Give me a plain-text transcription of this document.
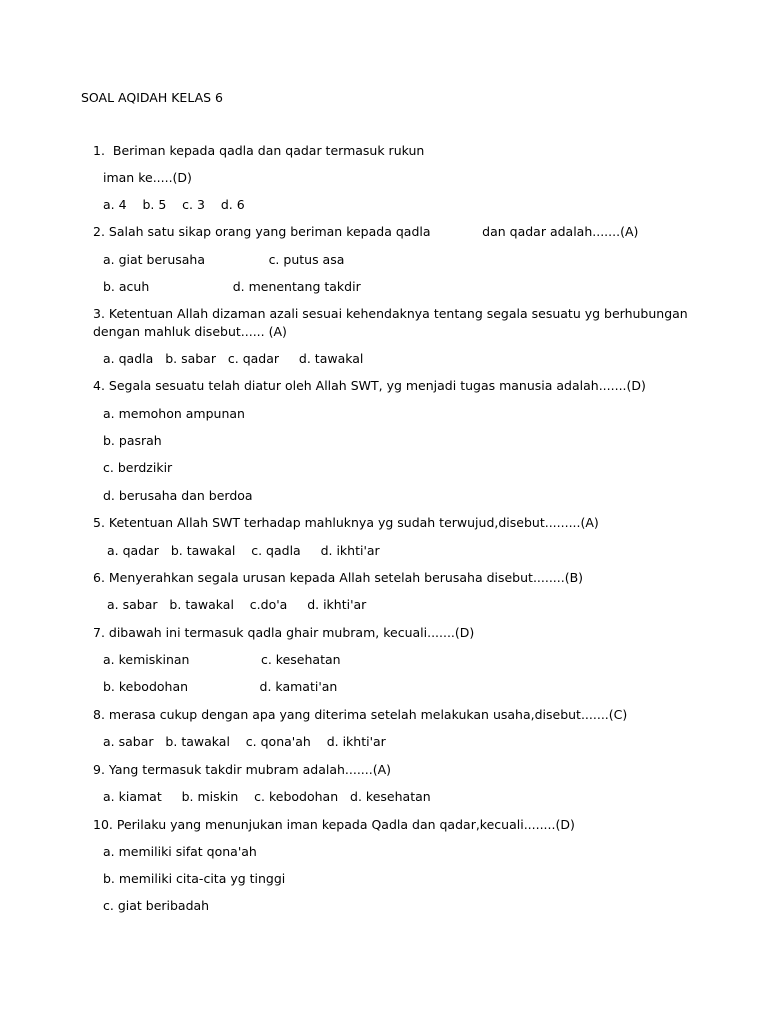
SOAL AQIDAH KELAS 6
1.  Beriman kepada qadla dan qadar termasuk rukun
iman ke.....(D)
a. 4    b. 5    c. 3    d. 6
2. Salah satu sikap orang yang beriman kepada qadla             dan qadar adalah.......(A)
a. giat berusaha                c. putus asa
b. acuh                     d. menentang takdir
3. Ketentuan Allah dizaman azali sesuai kehendaknya tentang segala sesuatu yg berhubungan
dengan mahluk disebut...... (A)
a. qadla   b. sabar   c. qadar     d. tawakal
4. Segala sesuatu telah diatur oleh Allah SWT, yg menjadi tugas manusia adalah.......(D)
a. memohon ampunan
b. pasrah
c. berdzikir
d. berusaha dan berdoa
5. Ketentuan Allah SWT terhadap mahluknya yg sudah terwujud,disebut.........(A)
a. qadar   b. tawakal    c. qadla     d. ikhti'ar
6. Menyerahkan segala urusan kepada Allah setelah berusaha disebut........(B)
a. sabar   b. tawakal    c.do'a     d. ikhti'ar
7. dibawah ini termasuk qadla ghair mubram, kecuali.......(D)
a. kemiskinan                  c. kesehatan
b. kebodohan                  d. kamati'an
8. merasa cukup dengan apa yang diterima setelah melakukan usaha,disebut.......(C)
a. sabar   b. tawakal    c. qona'ah    d. ikhti'ar
9. Yang termasuk takdir mubram adalah.......(A)
a. kiamat     b. miskin    c. kebodohan   d. kesehatan
10. Perilaku yang menunjukan iman kepada Qadla dan qadar,kecuali........(D)
a. memiliki sifat qona'ah
b. memiliki cita-cita yg tinggi
c. giat beribadah
